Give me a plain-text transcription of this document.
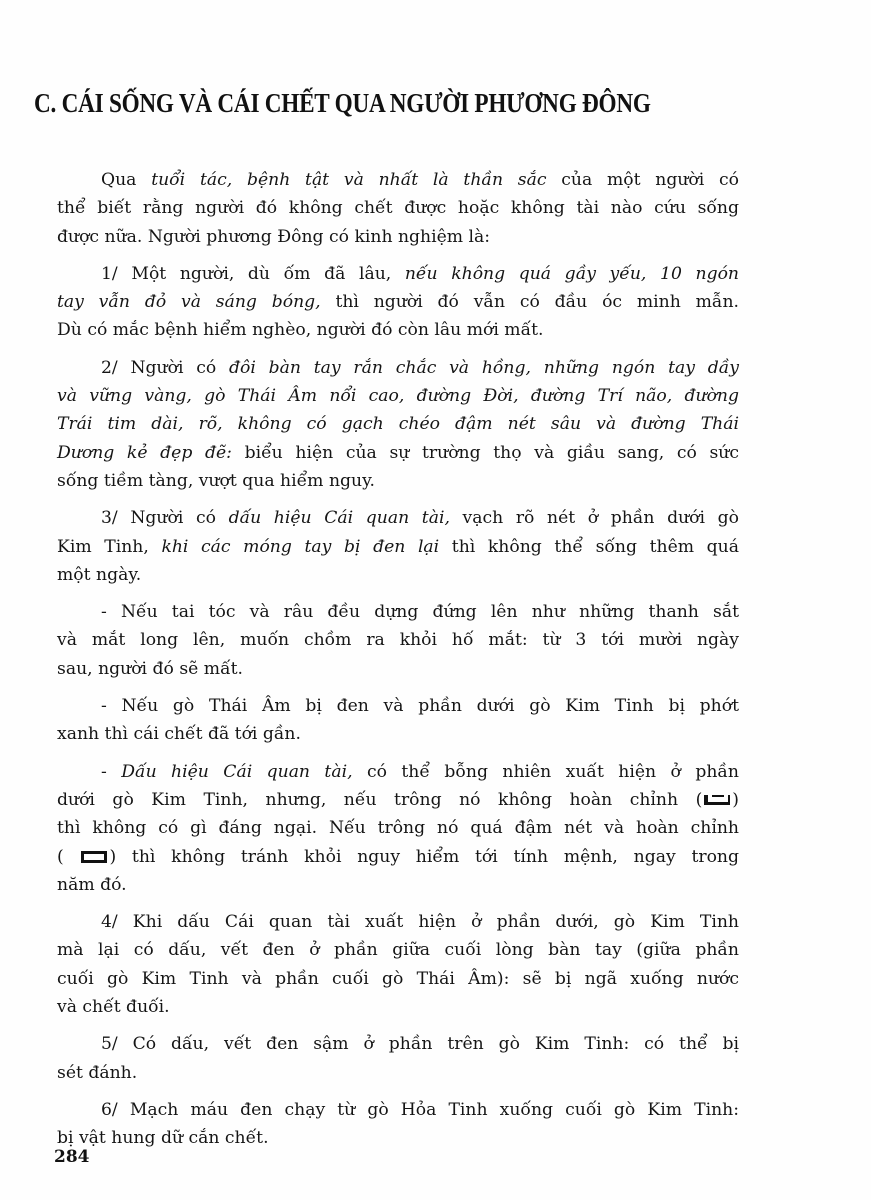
C. CÁI SỐNG VÀ CÁI CHẾT QUA NGƯỜI PHƯƠNG ĐÔNG
Qua tuổi tác, bệnh tật và nhất là thần sắc của một người có
thể biết rằng người đó không chết được hoặc không tài nào cứu sống
được nữa. Người phương Đông có kinh nghiệm là:
1/ Một người, dù ốm đã lâu, nếu không quá gầy yếu, 10 ngón
tay vẫn đỏ và sáng bóng, thì người đó vẫn có đầu óc minh mẫn.
Dù có mắc bệnh hiểm nghèo, người đó còn lâu mới mất.
2/ Người có đôi bàn tay rắn chắc và hồng, những ngón tay dầy
và vững vàng, gò Thái Âm nổi cao, đường Đời, đường Trí não, đường
Trái tim dài, rõ, không có gạch chéo đậm nét sâu và đường Thái
Dương kẻ đẹp đẽ: biểu hiện của sự trường thọ và giầu sang, có sức
sống tiềm tàng, vượt qua hiểm nguy.
3/ Người có dấu hiệu Cái quan tài, vạch rõ nét ở phần dưới gò
Kim Tinh, khi các móng tay bị đen lại thì không thể sống thêm quá
một ngày.
- Nếu tai tóc và râu đều dựng đứng lên như những thanh sắt
và mắt long lên, muốn chồm ra khỏi hố mắt: từ 3 tới mười ngày
sau, người đó sẽ mất.
- Nếu gò Thái Âm bị đen và phần dưới gò Kim Tinh bị phớt
xanh thì cái chết đã tới gần.
- Dấu hiệu Cái quan tài, có thể bỗng nhiên xuất hiện ở phần
dưới gò Kim Tinh, nhưng, nếu trông nó không hoàn chỉnh ( )
thì không có gì đáng ngại. Nếu trông nó quá đậm nét và hoàn chỉnh
( ) thì không tránh khỏi nguy hiểm tới tính mệnh, ngay trong
năm đó.
4/ Khi dấu Cái quan tài xuất hiện ở phần dưới, gò Kim Tinh
mà lại có dấu, vết đen ở phần giữa cuối lòng bàn tay (giữa phần
cuối gò Kim Tinh và phần cuối gò Thái Âm): sẽ bị ngã xuống nước
và chết đuối.
5/ Có dấu, vết đen sậm ở phần trên gò Kim Tinh: có thể bị
sét đánh.
6/ Mạch máu đen chạy từ gò Hỏa Tinh xuống cuối gò Kim Tinh:
bị vật hung dữ cắn chết.
284
